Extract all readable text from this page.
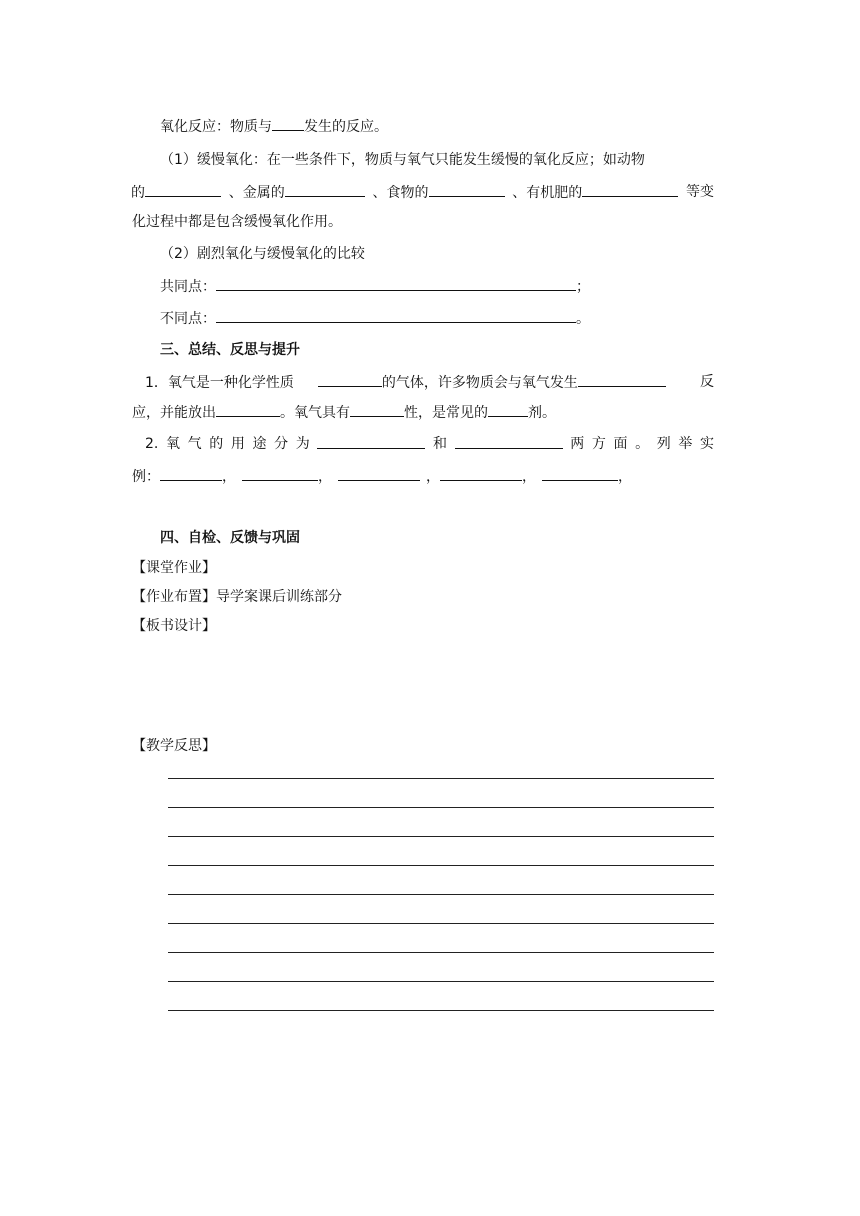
氧化反应：物质与 发生的反应。
（1）缓慢氧化：在一些条件下，物质与氧气只能发生缓慢的氧化反应；如动物
的	、金属的	、食物的	、有机肥的	等变
化过程中都是包含缓慢氧化作用。
（2）剧烈氧化与缓慢氧化的比较
共同点：	；
不同点：	。
三、总结、反思与提升
1．氧气是一种化学性质	的气体，许多物质会与氧气发生	反
应，并能放出	。氧气具有	性，是常见的	剂。
2. 氧 气 的 用 途 分 为	和	两 方 面 。 列 举 实
例：	，	，	，	，	，
四、自检、反馈与巩固
【课堂作业】
【作业布置】导学案课后训练部分
【板书设计】
【教学反思】
